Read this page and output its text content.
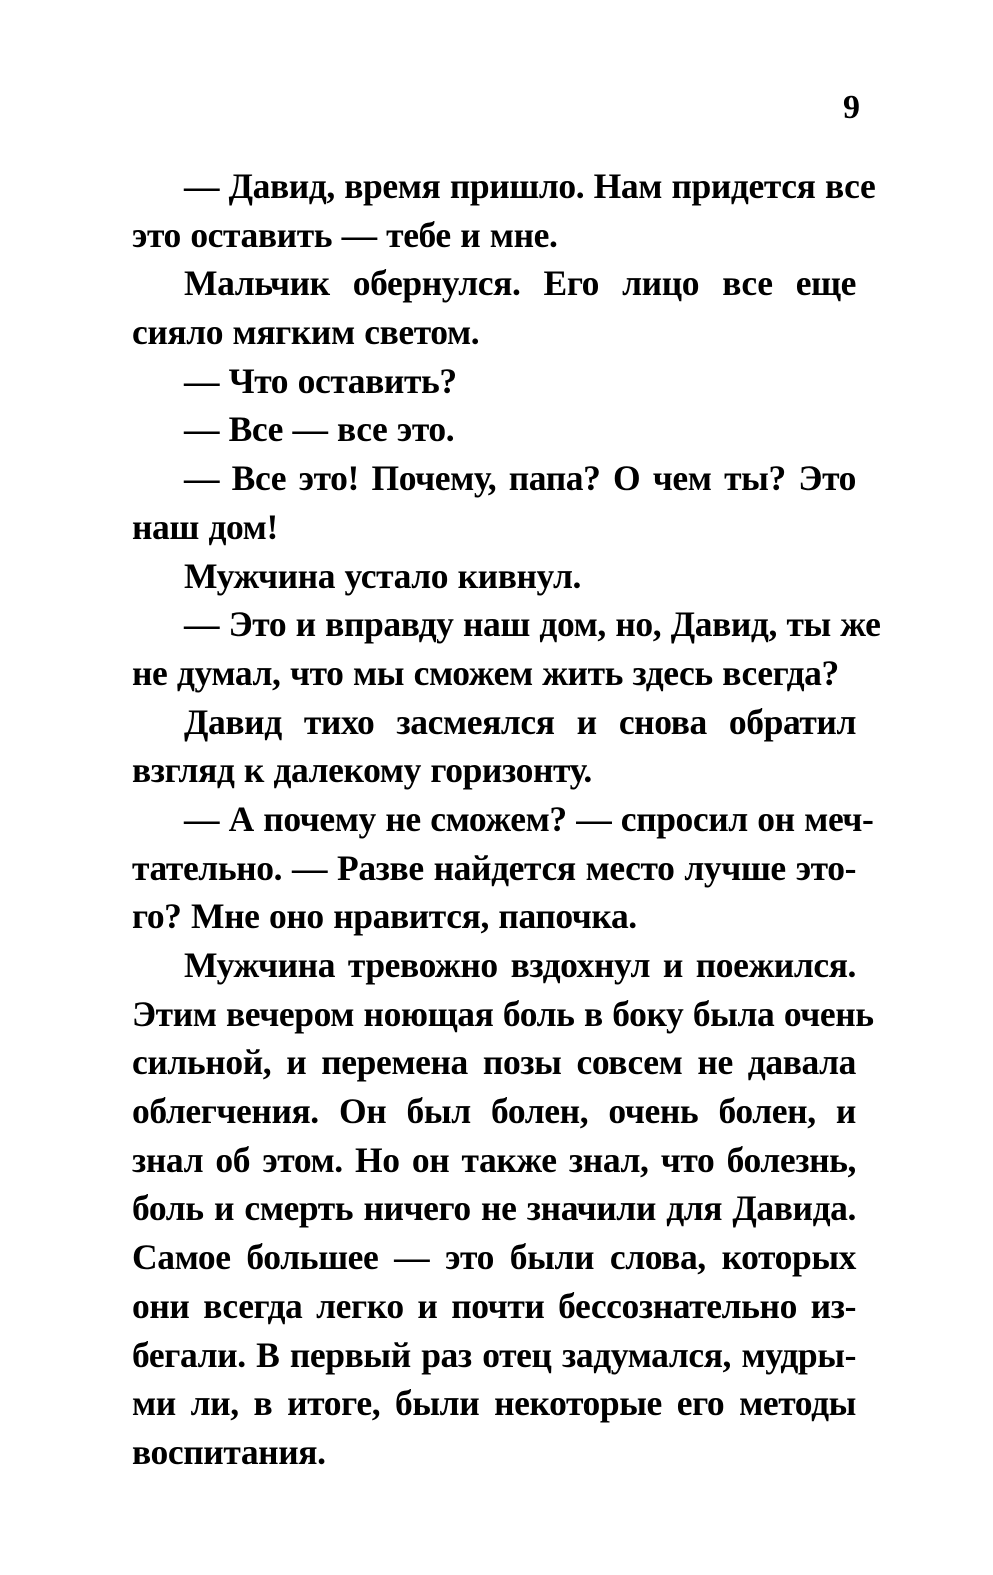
9
— Давид, время пришло. Нам придется все
это оставить — тебе и мне.
Мальчик обернулся. Его лицо все еще
сияло мягким светом.
— Что оставить?
— Все — все это.
— Все это! Почему, папа? О чем ты? Это
наш дом!
Мужчина устало кивнул.
— Это и вправду наш дом, но, Давид, ты же
не думал, что мы сможем жить здесь всегда?
Давид тихо засмеялся и снова обратил
взгляд к далекому горизонту.
— А почему не сможем? — спросил он меч-
тательно. — Разве найдется место лучше это-
го? Мне оно нравится, папочка.
Мужчина тревожно вздохнул и поежился.
Этим вечером ноющая боль в боку была очень
сильной, и перемена позы совсем не давала
облегчения. Он был болен, очень болен, и
знал об этом. Но он также знал, что болезнь,
боль и смерть ничего не значили для Давида.
Самое большее — это были слова, которых
они всегда легко и почти бессознательно из-
бегали. В первый раз отец задумался, мудры-
ми ли, в итоге, были некоторые его методы
воспитания.
